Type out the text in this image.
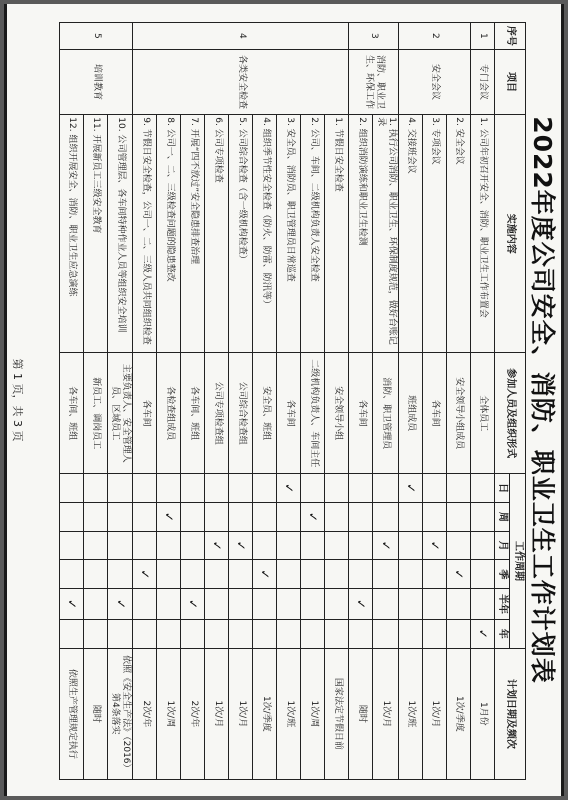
2022年度公司安全、消防、职业卫生工作计划表
序号	项目	实施内容	参加人员及组织形式	工作周期						计划日期及频次
				日	周	月	季	半年	年	
1	专门会议	1. 公司年初召开安全、消防、职业卫生工作布置会	全体员工						✓	1月份
2	安全会议	2. 安全会议	安全领导小组成员				✓			1次/季度
		3. 专项会议	各车间			✓				1次/月
		4. 交接班会议	班组成员	✓						1次/班
3	消防、职业卫生、环保工作	1. 执行公司消防、职业卫生、环保制度规范，做好台账记录	消防、职卫管理员			✓				1次/月
		2. 组织消防演练和职业卫生检测	各车间					✓		随时
4	各类安全检查	1. 节假日安全检查	安全领导小组							国家法定节假日前
		2. 公司、车间、二级机构负责人安全检查	二级机构负责人、车间主任		✓					1次/周
		3. 安全员、消防员、职卫管理员日常巡查	各车间	✓						1次/班
		4. 组织季节性安全检查（防火、防雷、防汛等）	安全员、班组				✓			1次/季度
		5. 公司综合检查（含一级机构检查）	公司综合检查组			✓				1次/月
		6. 公司专项检查	公司专项检查组			✓				1次/月
		7. 开展“四不放过”安全隐患排查治理	各车间、班组					✓		2次/年
		8. 公司一、二、三级检查问题的隐患整改	各检查组成员		✓					1次/周
		9. 节假日安全检查，公司一、二、三级人员共同组织检查	各车间				✓			2次/年
5	培训教育	10. 公司管理层、各车间特种作业人员等组织安全培训	主要负责人、安全管理人员、区域员工					✓		依照《安全生产法》（2016）第4条落实
		11. 开展新员工三级安全教育	新员工、调岗员工							随时
		12. 组织开展安全、消防、职业卫生应急演练	各车间、班组					✓		依照生产管理规定执行
第 1 页，共 3 页
